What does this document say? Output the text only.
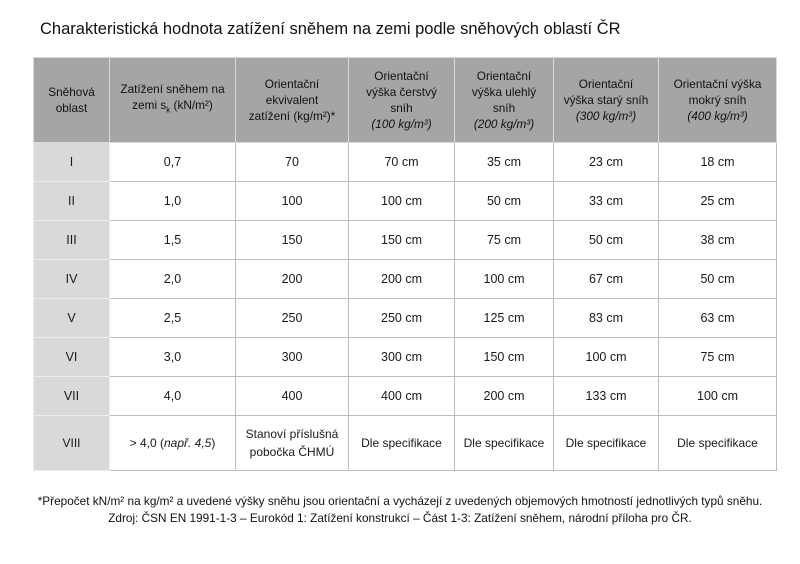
Charakteristická hodnota zatížení sněhem na zemi podle sněhových oblastí ČR
Sněhová
oblast	Zatížení sněhem na
zemi $s_k$ (kN/m²)	Orientační
ekvivalent
zatížení (kg/m²)*	Orientační
výška čerstvý
sníh
(100 kg/m³)	Orientační
výška ulehlý
sníh
(200 kg/m³)	Orientační
výška starý sníh
(300 kg/m³)	Orientační výška
mokrý sníh
(400 kg/m³)
I	0,7	70	70 cm	35 cm	23 cm	18 cm
II	1,0	100	100 cm	50 cm	33 cm	25 cm
III	1,5	150	150 cm	75 cm	50 cm	38 cm
IV	2,0	200	200 cm	100 cm	67 cm	50 cm
V	2,5	250	250 cm	125 cm	83 cm	63 cm
VI	3,0	300	300 cm	150 cm	100 cm	75 cm
VII	4,0	400	400 cm	200 cm	133 cm	100 cm
VIII	> 4,0 (např. 4,5)	Stanoví příslušná
pobočka ČHMÚ	Dle specifikace	Dle specifikace	Dle specifikace	Dle specifikace
*Přepočet kN/m² na kg/m² a uvedené výšky sněhu jsou orientační a vycházejí z uvedených objemových hmotností jednotlivých typů sněhu.
Zdroj: ČSN EN 1991-1-3 – Eurokód 1: Zatížení konstrukcí – Část 1-3: Zatížení sněhem, národní příloha pro ČR.
